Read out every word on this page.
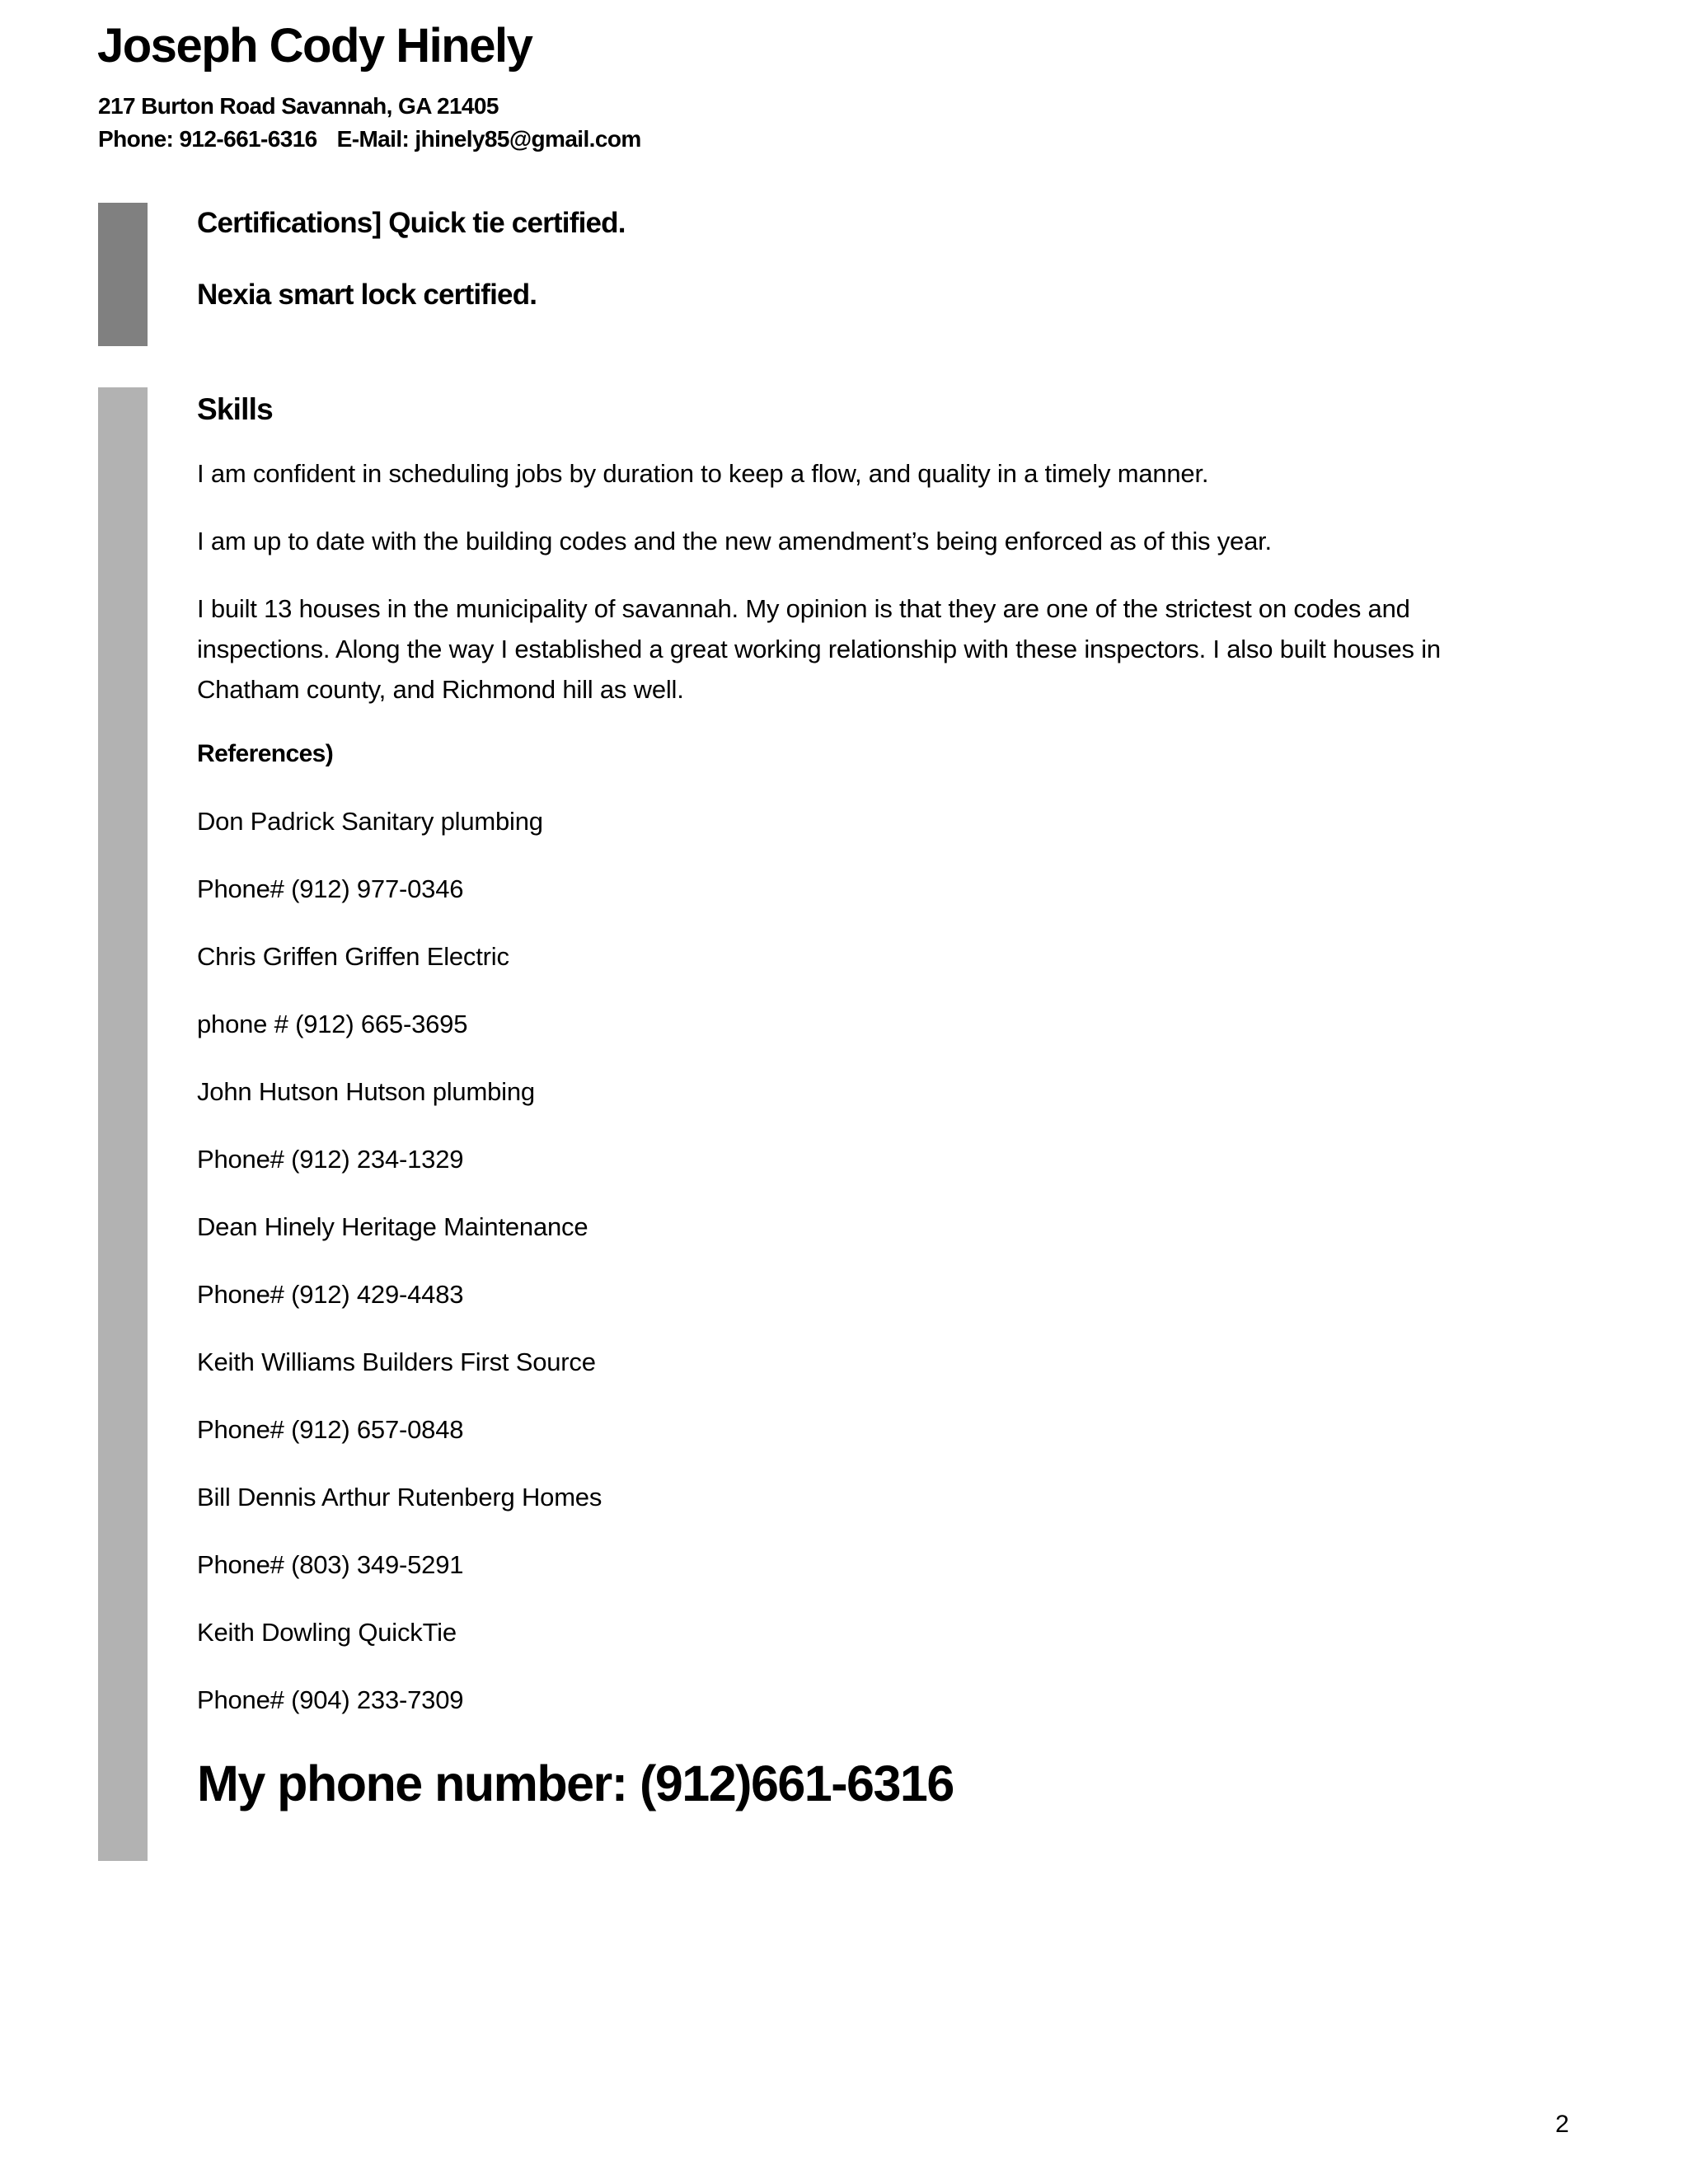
Joseph Cody Hinely
217 Burton Road Savannah, GA 21405
Phone: 912-661-6316 E-Mail: jhinely85@gmail.com
Certifications] Quick tie certified.
Nexia smart lock certified.
Skills
I am confident in scheduling jobs by duration to keep a flow, and quality in a timely manner.
I am up to date with the building codes and the new amendment’s being enforced as of this year.
I built 13 houses in the municipality of savannah. My opinion is that they are one of the strictest on codes and inspections. Along the way I established a great working relationship with these inspectors. I also built houses in Chatham county, and Richmond hill as well.
References)
Don Padrick Sanitary plumbing
Phone# (912) 977-0346
Chris Griffen Griffen Electric
phone # (912) 665-3695
John Hutson Hutson plumbing
Phone# (912) 234-1329
Dean Hinely Heritage Maintenance
Phone# (912) 429-4483
Keith Williams Builders First Source
Phone# (912) 657-0848
Bill Dennis Arthur Rutenberg Homes
Phone# (803) 349-5291
Keith Dowling QuickTie
Phone# (904) 233-7309
My phone number: (912)661-6316
2
